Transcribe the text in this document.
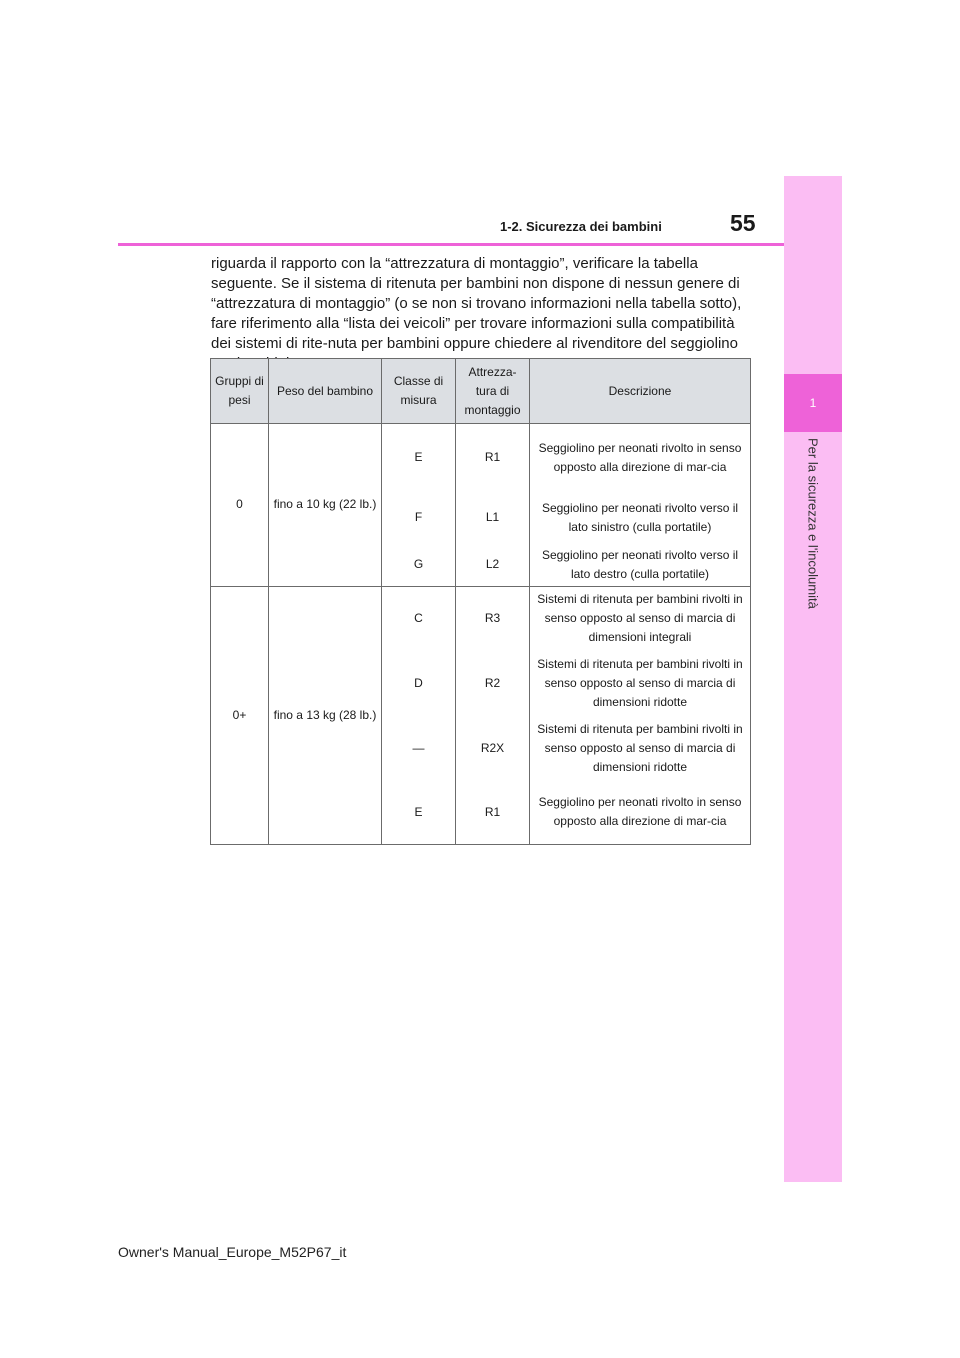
1
Per la sicurezza e l'incolumità
1-2. Sicurezza dei bambini	55

riguarda il rapporto con la “attrezzatura di montaggio”, verificare la tabella seguente. Se il sistema di ritenuta per bambini non dispone di nessun genere di “attrezzatura di montaggio” (o se non si trovano informazioni nella tabella sotto), fare riferimento alla “lista dei veicoli” per trovare informazioni sulla compatibilità dei sistemi di rite-nuta per bambini oppure chiedere al rivenditore del seggiolino

Gruppi di pesi	Peso del bambino	Classe di misura	Attrezza-tura di montaggio	Descrizione
0	fino a 10 kg (22 lb.)	E	R1	Seggiolino per neonati rivolto in senso opposto alla direzione di mar-cia
		F	L1	Seggiolino per neonati rivolto verso il lato sinistro (culla portatile)
		G	L2	Seggiolino per neonati rivolto verso il lato destro (culla portatile)
0+	fino a 13 kg (28 lb.)	C	R3	Sistemi di ritenuta per bambini rivolti in senso opposto al senso di marcia di dimensioni integrali
		D	R2	Sistemi di ritenuta per bambini rivolti in senso opposto al senso di marcia di dimensioni ridotte
		—	R2X	Sistemi di ritenuta per bambini rivolti in senso opposto al senso di marcia di dimensioni ridotte
		E	R1	Seggiolino per neonati rivolto in senso opposto alla direzione di mar-cia
Owner's Manual_Europe_M52P67_it
